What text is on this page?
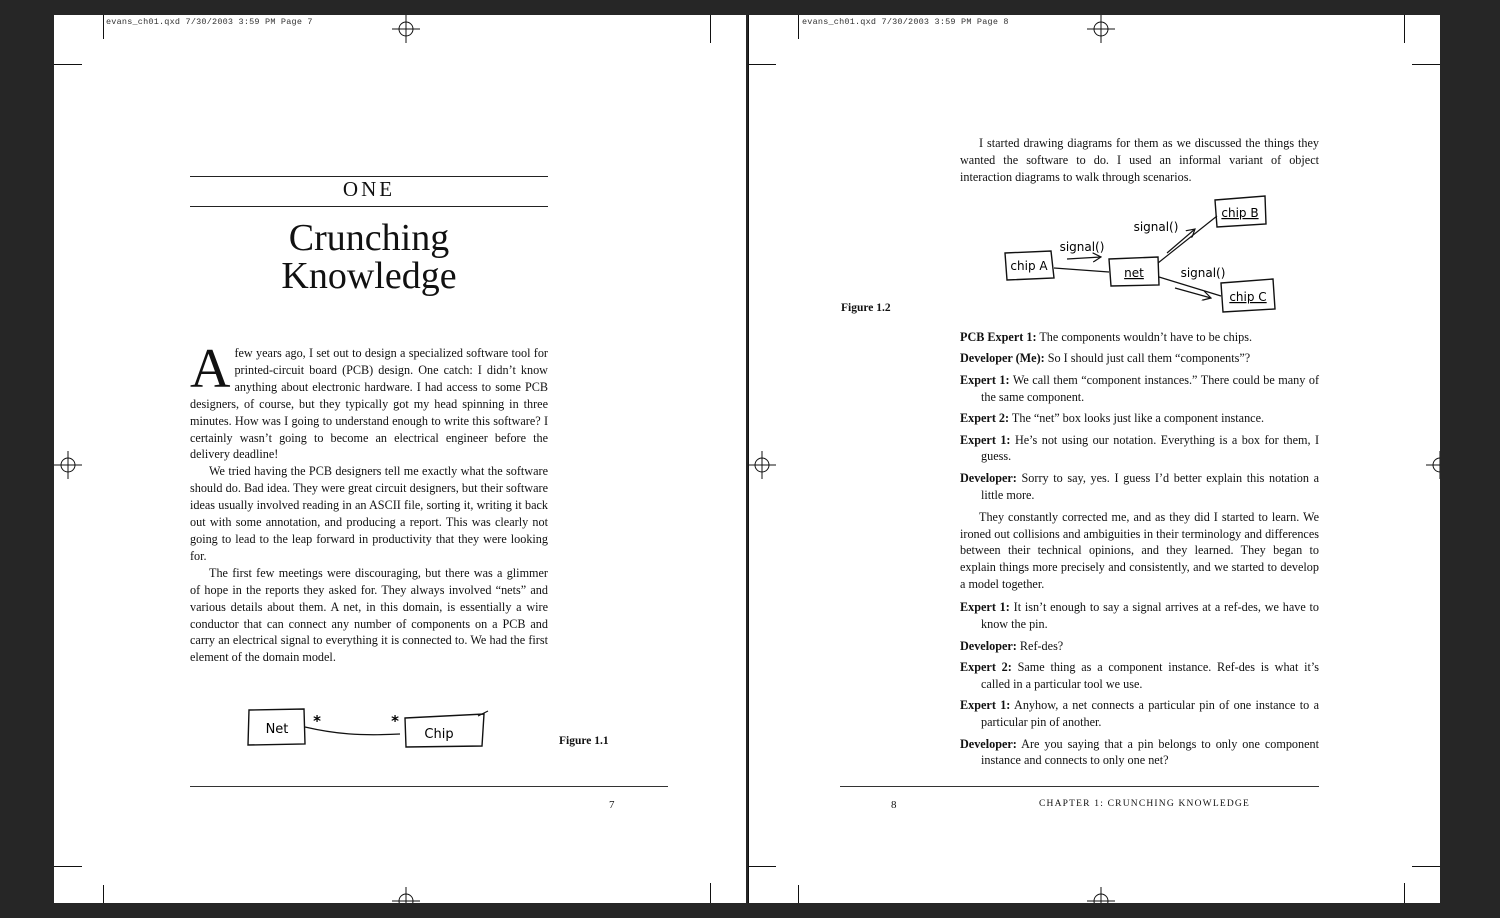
evans_ch01.qxd 7/30/2003 3:59 PM Page 7
ONE
Crunching
Knowledge

Afew years ago, I set out to design a specialized software tool for printed-circuit board (PCB) design. One catch: I didn’t know anything about electronic hardware. I had access to some PCB designers, of course, but they typically got my head spinning in three minutes. How was I going to understand enough to write this software? I certainly wasn’t going to become an electrical engineer before the delivery deadline!

We tried having the PCB designers tell me exactly what the software should do. Bad idea. They were great circuit designers, but their software ideas usually involved reading in an ASCII file, sorting it, writing it back out with some annotation, and producing a report. This was clearly not going to lead to the leap forward in productivity that they were looking for.

The first few meetings were discouraging, but there was a glimmer of hope in the reports they asked for. They always involved “nets” and various details about them. A net, in this domain, is essentially a wire conductor that can connect any number of components on a PCB and carry an electrical signal to everything it is connected to. We had the first element of the domain model.

Net	Chip
*	*
Figure 1.1
7
evans_ch01.qxd 7/30/2003 3:59 PM Page 8
I started drawing diagrams for them as we discussed the things they wanted the software to do. I used an informal variant of object interaction diagrams to walk through scenarios.
chip A	net
chip B
chip C
signal()
signal()
signal()
Figure 1.2

PCB Expert 1: The components wouldn’t have to be chips.

Developer (Me): So I should just call them “components”?

Expert 1: We call them “component instances.” There could be many of the same component.

Expert 2: The “net” box looks just like a component instance.

Expert 1: He’s not using our notation. Everything is a box for them, I guess.

Developer: Sorry to say, yes. I guess I’d better explain this notation a little more.

They constantly corrected me, and as they did I started to learn. We ironed out collisions and ambiguities in their terminology and differences between their technical opinions, and they learned. They began to explain things more precisely and consistently, and we started to develop a model together.

Expert 1: It isn’t enough to say a signal arrives at a ref-des, we have to know the pin.

Developer: Ref-des?

Expert 2: Same thing as a component instance. Ref-des is what it’s called in a particular tool we use.

Expert 1: Anyhow, a net connects a particular pin of one instance to a particular pin of another.

Developer: Are you saying that a pin belongs to only one component instance and connects to only one net?

8	CHAPTER 1: CRUNCHING KNOWLEDGE
